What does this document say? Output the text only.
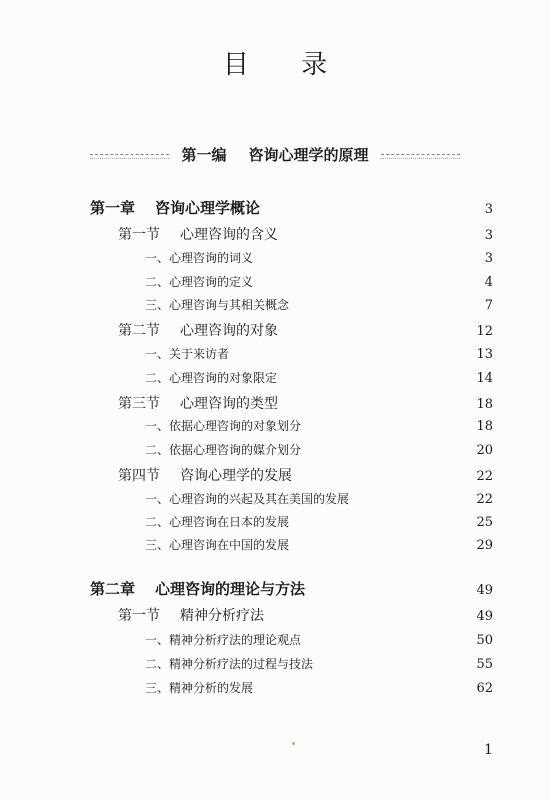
目 录
第一编 咨询心理学的原理
第一章 咨询心理学概论	3
第一节 心理咨询的含义	3
一、心理咨询的词义	3
二、心理咨询的定义	4
三、心理咨询与其相关概念	7
第二节 心理咨询的对象	12
一、关于来访者	13
二、心理咨询的对象限定	14
第三节 心理咨询的类型	18
一、依据心理咨询的对象划分	18
二、依据心理咨询的媒介划分	20
第四节 咨询心理学的发展	22
一、心理咨询的兴起及其在美国的发展	22
二、心理咨询在日本的发展	25
三、心理咨询在中国的发展	29
第二章 心理咨询的理论与方法	49
第一节 精神分析疗法	49
一、精神分析疗法的理论观点	50
二、精神分析疗法的过程与技法	55
三、精神分析的发展	62
1
